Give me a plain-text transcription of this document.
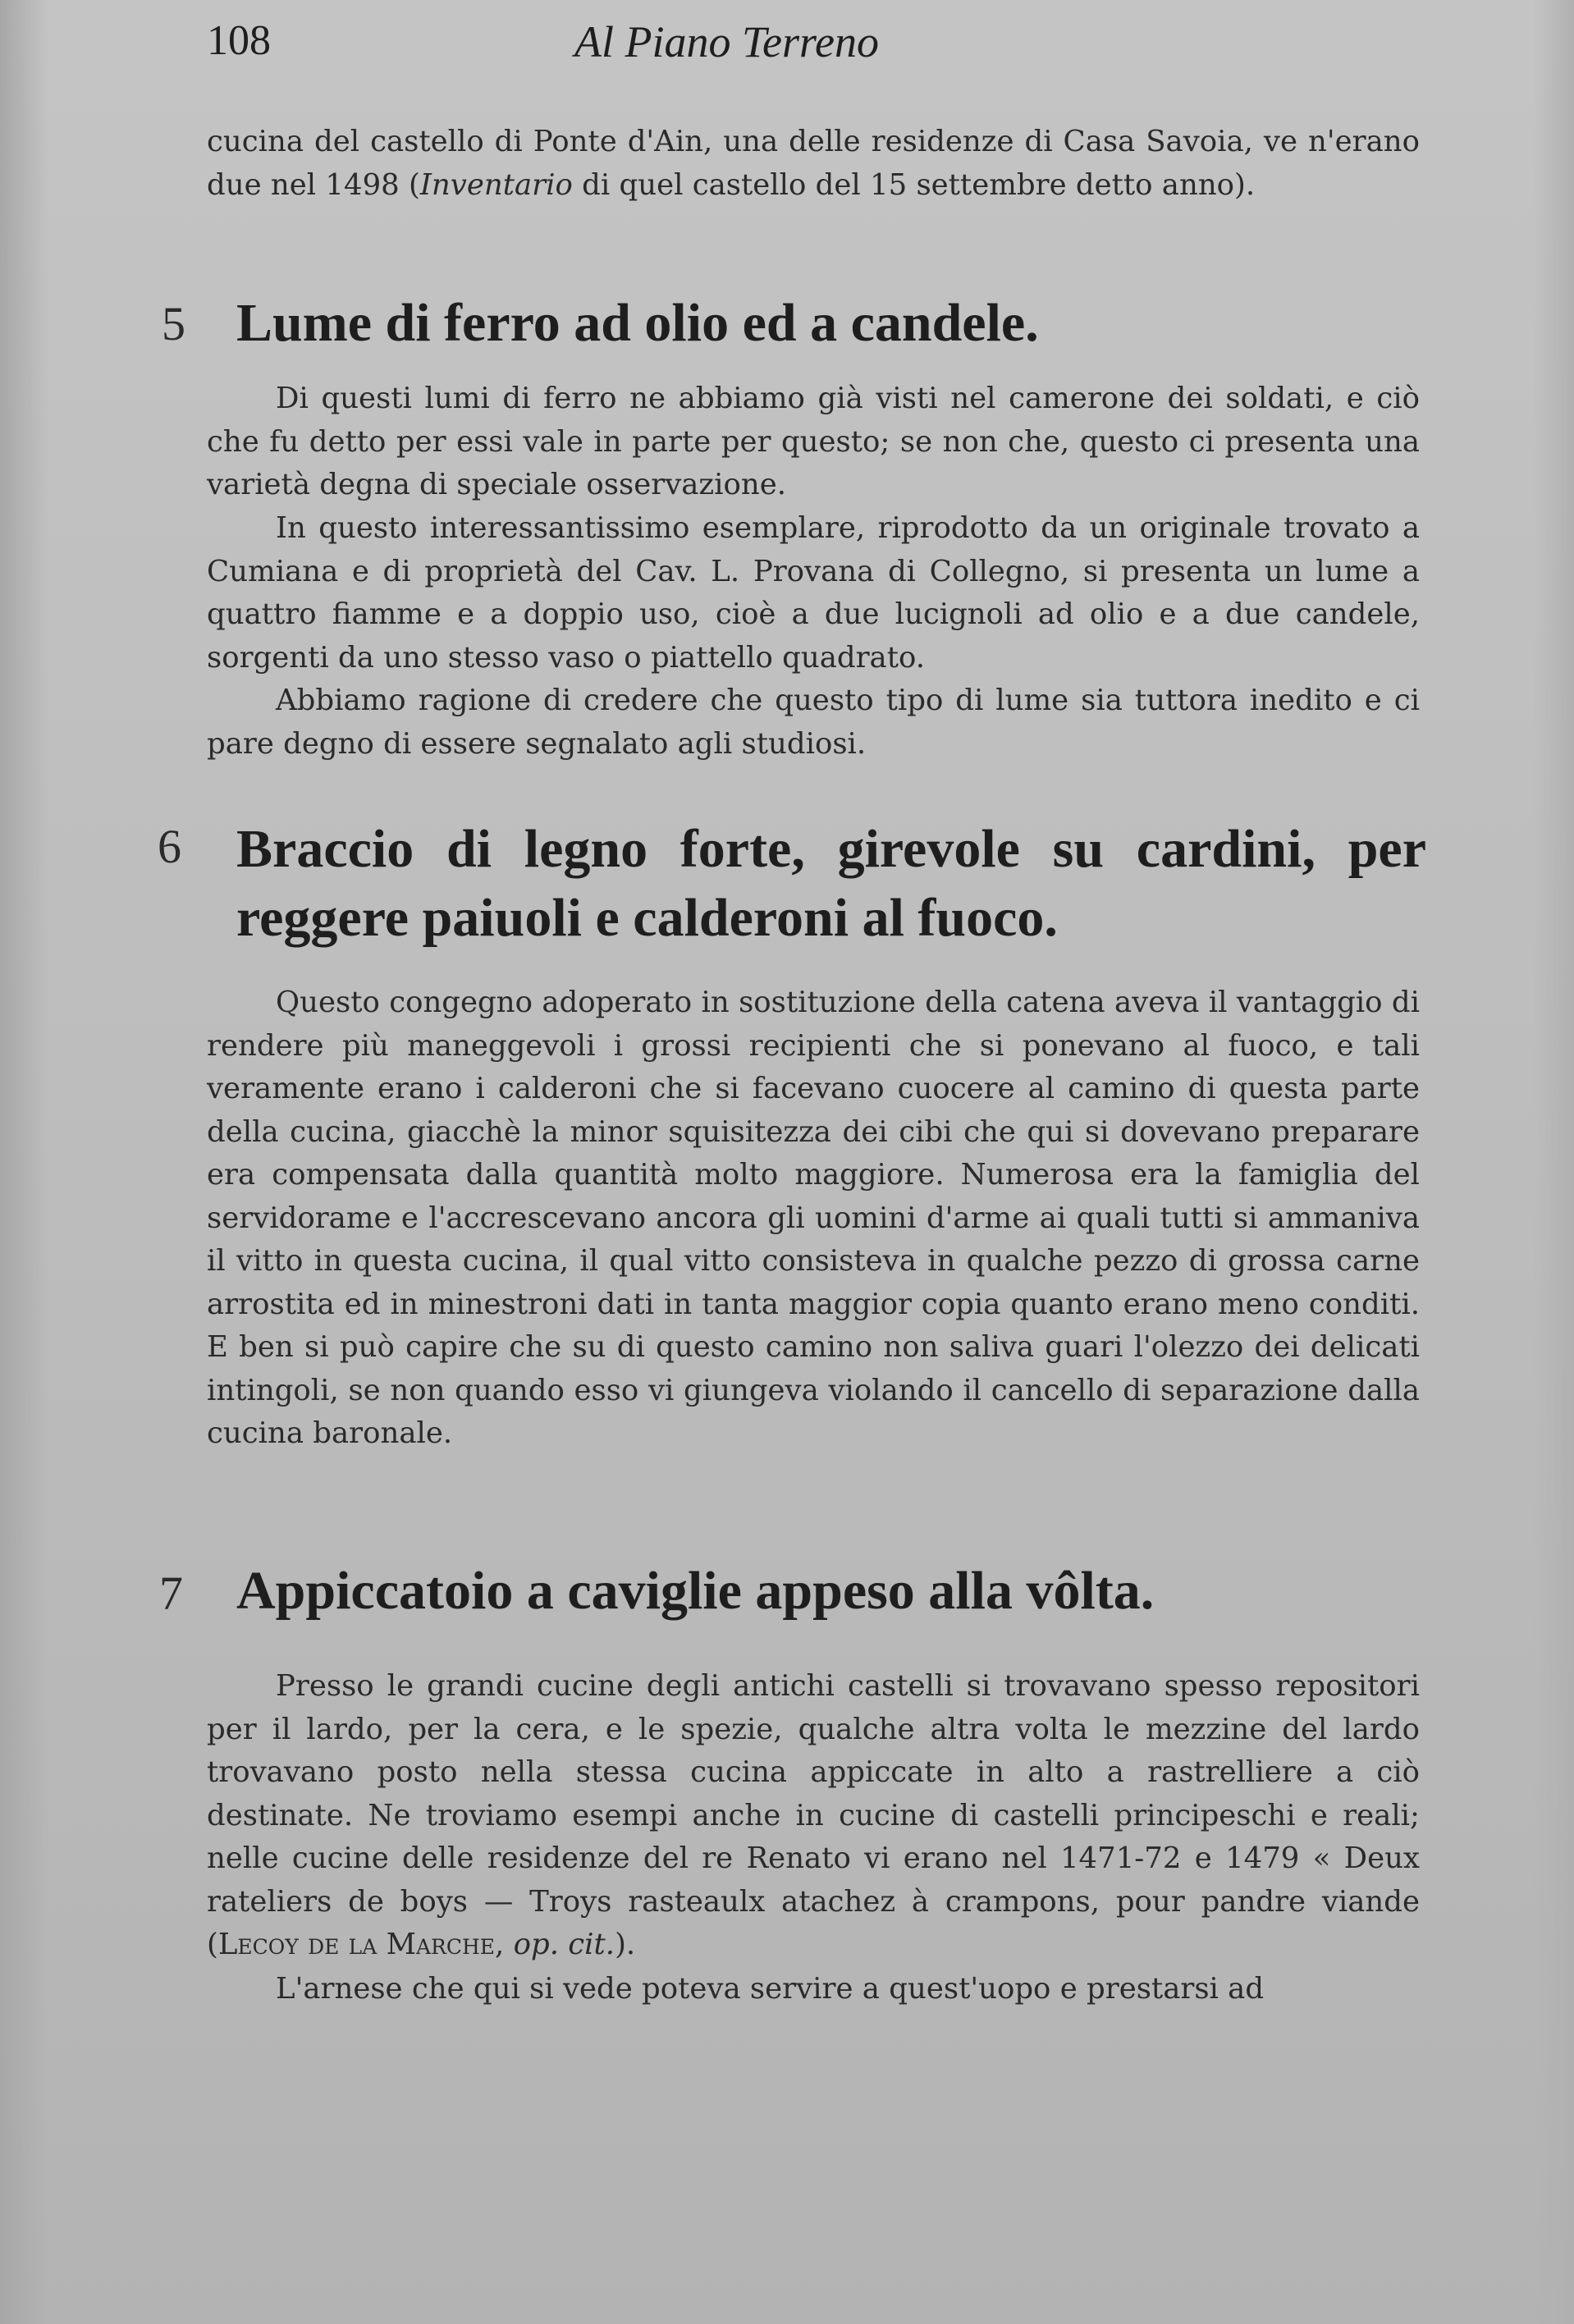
108	Al Piano Terreno

cucina del castello di Ponte d'Ain, una delle residenze di Casa Savoia, ve n'erano due nel 1498 (Inventario di quel castello del 15 settembre detto anno).

5 Lume di ferro ad olio ed a candele.

Di questi lumi di ferro ne abbiamo già visti nel camerone dei soldati, e ciò che fu detto per essi vale in parte per questo; se non che, questo ci presenta una varietà degna di speciale osservazione.

In questo interessantissimo esemplare, riprodotto da un originale trovato a Cumiana e di proprietà del Cav. L. Provana di Collegno, si presenta un lume a quattro fiamme e a doppio uso, cioè a due lucignoli ad olio e a due candele, sorgenti da uno stesso vaso o piattello quadrato.

Abbiamo ragione di credere che questo tipo di lume sia tuttora inedito e ci pare degno di essere segnalato agli studiosi.

6 Braccio di legno forte, girevole su cardini, per reggere paiuoli e calderoni al fuoco.

Questo congegno adoperato in sostituzione della catena aveva il vantaggio di rendere più maneggevoli i grossi recipienti che si ponevano al fuoco, e tali veramente erano i calderoni che si facevano cuocere al camino di questa parte della cucina, giacchè la minor squisitezza dei cibi che qui si dovevano preparare era compensata dalla quantità molto maggiore. Numerosa era la famiglia del servidorame e l'accrescevano ancora gli uomini d'arme ai quali tutti si ammaniva il vitto in questa cucina, il qual vitto consisteva in qualche pezzo di grossa carne arrostita ed in minestroni dati in tanta maggior copia quanto erano meno conditi. E ben si può capire che su di questo camino non saliva guari l'olezzo dei delicati intingoli, se non quando esso vi giungeva violando il cancello di separazione dalla cucina baronale.

7 Appiccatoio a caviglie appeso alla vôlta.

Presso le grandi cucine degli antichi castelli si trovavano spesso repositori per il lardo, per la cera, e le spezie, qualche altra volta le mezzine del lardo trovavano posto nella stessa cucina appiccate in alto a rastrelliere a ciò destinate. Ne troviamo esempi anche in cucine di castelli principeschi e reali; nelle cucine delle residenze del re Renato vi erano nel 1471-72 e 1479 « Deux rateliers de boys — Troys rasteaulx atachez à crampons, pour pandre viande (Lecoy de la Marche, op. cit.).

L'arnese che qui si vede poteva servire a quest'uopo e prestarsi ad
